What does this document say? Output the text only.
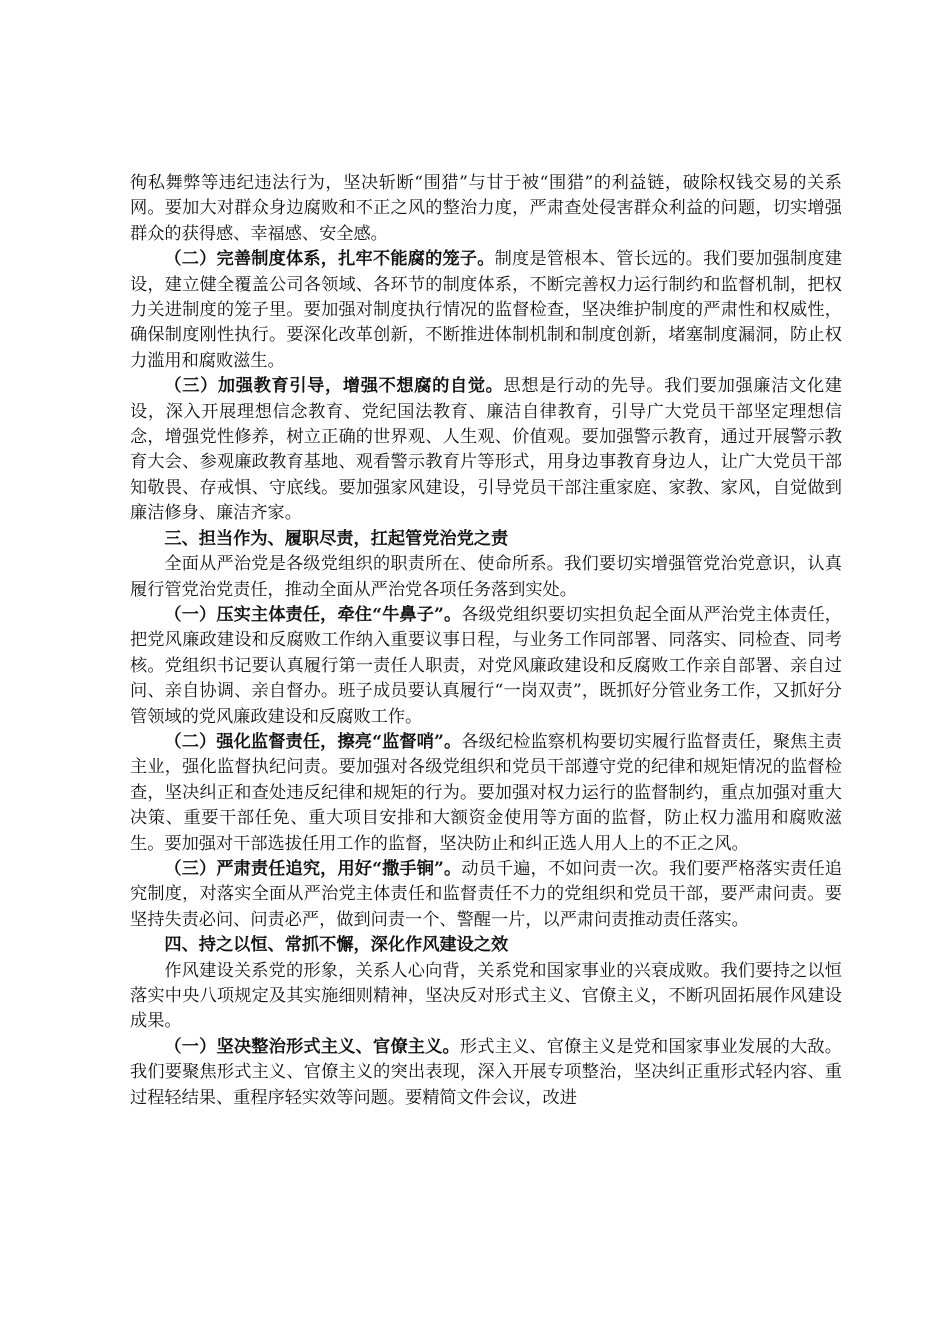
徇私舞弊等违纪违法行为，坚决斩断“围猎”与甘于被“围猎”的利益链，破除权钱交易的关系网。要加大对群众身边腐败和不正之风的整治力度，严肃查处侵害群众利益的问题，切实增强群众的获得感、幸福感、安全感。

（二）完善制度体系，扎牢不能腐的笼子。制度是管根本、管长远的。我们要加强制度建设，建立健全覆盖公司各领域、各环节的制度体系，不断完善权力运行制约和监督机制，把权力关进制度的笼子里。要加强对制度执行情况的监督检查，坚决维护制度的严肃性和权威性，确保制度刚性执行。要深化改革创新，不断推进体制机制和制度创新，堵塞制度漏洞，防止权力滥用和腐败滋生。

（三）加强教育引导，增强不想腐的自觉。思想是行动的先导。我们要加强廉洁文化建设，深入开展理想信念教育、党纪国法教育、廉洁自律教育，引导广大党员干部坚定理想信念，增强党性修养，树立正确的世界观、人生观、价值观。要加强警示教育，通过开展警示教育大会、参观廉政教育基地、观看警示教育片等形式，用身边事教育身边人，让广大党员干部知敬畏、存戒惧、守底线。要加强家风建设，引导党员干部注重家庭、家教、家风，自觉做到廉洁修身、廉洁齐家。

三、担当作为、履职尽责，扛起管党治党之责

全面从严治党是各级党组织的职责所在、使命所系。我们要切实增强管党治党意识，认真履行管党治党责任，推动全面从严治党各项任务落到实处。

（一）压实主体责任，牵住“牛鼻子”。各级党组织要切实担负起全面从严治党主体责任，把党风廉政建设和反腐败工作纳入重要议事日程，与业务工作同部署、同落实、同检查、同考核。党组织书记要认真履行第一责任人职责，对党风廉政建设和反腐败工作亲自部署、亲自过问、亲自协调、亲自督办。班子成员要认真履行“一岗双责”，既抓好分管业务工作，又抓好分管领域的党风廉政建设和反腐败工作。

（二）强化监督责任，擦亮“监督哨”。各级纪检监察机构要切实履行监督责任，聚焦主责主业，强化监督执纪问责。要加强对各级党组织和党员干部遵守党的纪律和规矩情况的监督检查，坚决纠正和查处违反纪律和规矩的行为。要加强对权力运行的监督制约，重点加强对重大决策、重要干部任免、重大项目安排和大额资金使用等方面的监督，防止权力滥用和腐败滋生。要加强对干部选拔任用工作的监督，坚决防止和纠正选人用人上的不正之风。

（三）严肃责任追究，用好“撒手锏”。动员千遍，不如问责一次。我们要严格落实责任追究制度，对落实全面从严治党主体责任和监督责任不力的党组织和党员干部，要严肃问责。要坚持失责必问、问责必严，做到问责一个、警醒一片，以严肃问责推动责任落实。

四、持之以恒、常抓不懈，深化作风建设之效

作风建设关系党的形象，关系人心向背，关系党和国家事业的兴衰成败。我们要持之以恒落实中央八项规定及其实施细则精神，坚决反对形式主义、官僚主义，不断巩固拓展作风建设成果。

（一）坚决整治形式主义、官僚主义。形式主义、官僚主义是党和国家事业发展的大敌。我们要聚焦形式主义、官僚主义的突出表现，深入开展专项整治，坚决纠正重形式轻内容、重过程轻结果、重程序轻实效等问题。要精简文件会议，改进
